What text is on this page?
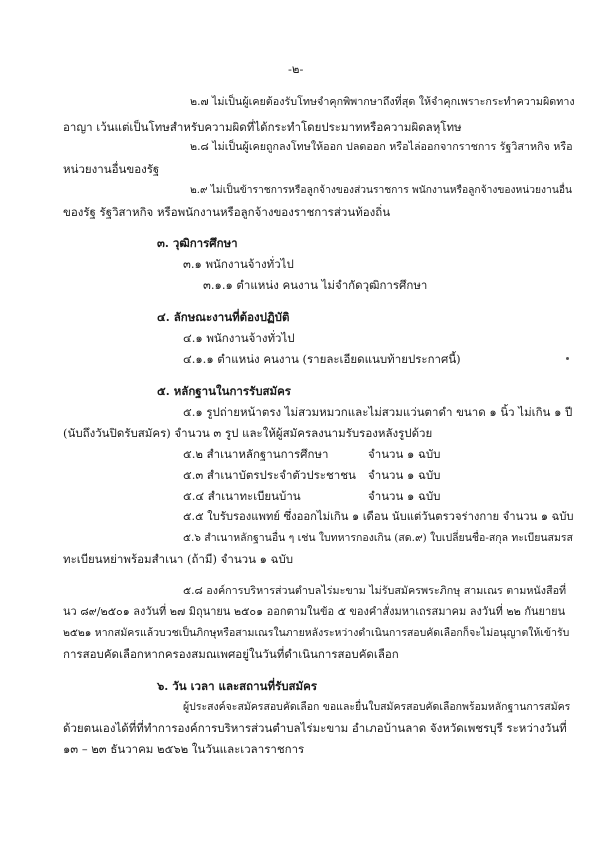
-๒-
๒.๗ ไม่เป็นผู้เคยต้องรับโทษจำคุกพิพากษาถึงที่สุด ให้จำคุกเพราะกระทำความผิดทาง
อาญา เว้นแต่เป็นโทษสำหรับความผิดที่ได้กระทำโดยประมาทหรือความผิดลหุโทษ
๒.๘ ไม่เป็นผู้เคยถูกลงโทษให้ออก ปลดออก หรือไล่ออกจากราชการ รัฐวิสาหกิจ หรือ
หน่วยงานอื่นของรัฐ
๒.๙ ไม่เป็นข้าราชการหรือลูกจ้างของส่วนราชการ พนักงานหรือลูกจ้างของหน่วยงานอื่น
ของรัฐ รัฐวิสาหกิจ หรือพนักงานหรือลูกจ้างของราชการส่วนท้องถิ่น
๓. วุฒิการศึกษา
๓.๑ พนักงานจ้างทั่วไป
๓.๑.๑ ตำแหน่ง คนงาน ไม่จำกัดวุฒิการศึกษา
๔. ลักษณะงานที่ต้องปฏิบัติ
๔.๑ พนักงานจ้างทั่วไป
๔.๑.๑ ตำแหน่ง คนงาน (รายละเอียดแนบท้ายประกาศนี้)
๕. หลักฐานในการรับสมัคร
๕.๑ รูปถ่ายหน้าตรง ไม่สวมหมวกและไม่สวมแว่นตาดำ ขนาด ๑ นิ้ว ไม่เกิน ๑ ปี
(นับถึงวันปิดรับสมัคร) จำนวน ๓ รูป และให้ผู้สมัครลงนามรับรองหลังรูปด้วย
๕.๒ สำเนาหลักฐานการศึกษา	จำนวน ๑ ฉบับ
๕.๓ สำเนาบัตรประจำตัวประชาชน จำนวน ๑ ฉบับ
๕.๔ สำเนาทะเบียนบ้าน	จำนวน ๑ ฉบับ
๕.๕ ใบรับรองแพทย์ ซึ่งออกไม่เกิน ๑ เดือน นับแต่วันตรวจร่างกาย จำนวน ๑ ฉบับ
๕.๖ สำเนาหลักฐานอื่น ๆ เช่น ใบทหารกองเกิน (สด.๙) ใบเปลี่ยนชื่อ-สกุล ทะเบียนสมรส
ทะเบียนหย่าพร้อมสำเนา (ถ้ามี) จำนวน ๑ ฉบับ
๕.๘ องค์การบริหารส่วนตำบลไร่มะขาม ไม่รับสมัครพระภิกษุ สามเณร ตามหนังสือที่
นว ๘๙/๒๕๐๑ ลงวันที่ ๒๗ มิถุนายน ๒๕๐๑ ออกตามในข้อ ๕ ของคำสั่งมหาเถรสมาคม ลงวันที่ ๒๒ กันยายน
๒๕๒๑ หากสมัครแล้วบวชเป็นภิกษุหรือสามเณรในภายหลังระหว่างดำเนินการสอบคัดเลือกก็จะไม่อนุญาตให้เข้ารับ
การสอบคัดเลือกหากครองสมณเพศอยู่ในวันที่ดำเนินการสอบคัดเลือก
๖. วัน เวลา และสถานที่รับสมัคร
ผู้ประสงค์จะสมัครสอบคัดเลือก ขอและยื่นใบสมัครสอบคัดเลือกพร้อมหลักฐานการสมัคร
ด้วยตนเองได้ที่ที่ทำการองค์การบริหารส่วนตำบลไร่มะขาม อำเภอบ้านลาด จังหวัดเพชรบุรี ระหว่างวันที่
๑๓ – ๒๓ ธันวาคม ๒๕๖๒ ในวันและเวลาราชการ
